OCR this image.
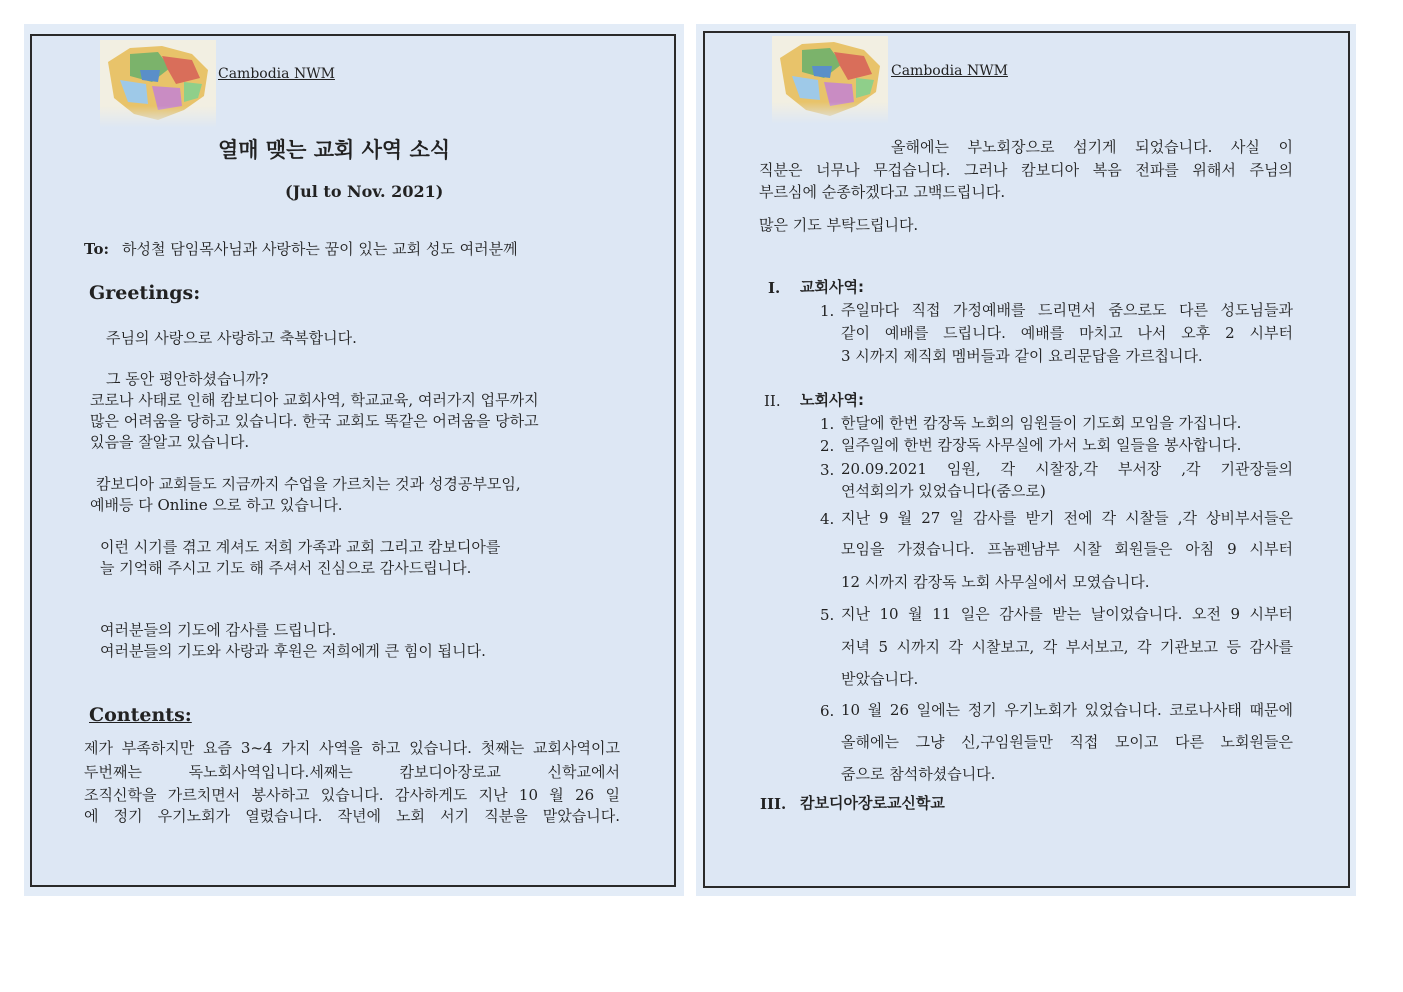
Cambodia NWM
열매 맺는 교회 사역 소식
(Jul to Nov. 2021)
To: 하성철 담임목사님과 사랑하는 꿈이 있는 교회 성도 여러분께
Greetings:
주님의 사랑으로 사랑하고 축복합니다.
그 동안 평안하셨습니까?
코로나 사태로 인해 캄보디아 교회사역, 학교교육, 여러가지 업무까지
많은 어려움을 당하고 있습니다. 한국 교회도 똑같은 어려움을 당하고
있음을 잘알고 있습니다.
캄보디아 교회들도 지금까지 수업을 가르치는 것과 성경공부모임,
예배등 다 Online 으로 하고 있습니다.
이런 시기를 겪고 계셔도 저희 가족과 교회 그리고 캄보디아를
늘 기억해 주시고 기도 해 주셔서 진심으로 감사드립니다.
여러분들의 기도에 감사를 드립니다.
여러분들의 기도와 사랑과 후원은 저희에게 큰 힘이 됩니다.
Contents:
제가 부족하지만 요즘 3~4 가지 사역을 하고 있습니다. 첫째는 교회사역이고
두번째는 독노회사역입니다.세째는 캄보디아장로교 신학교에서
조직신학을 가르치면서 봉사하고 있습니다. 감사하게도 지난 10 월 26 일
에 정기 우기노회가 열렸습니다. 작년에 노회 서기 직분을 맡았습니다.
Cambodia NWM
올해에는 부노회장으로 섬기게 되었습니다. 사실 이
직분은 너무나 무겁습니다. 그러나 캄보디아 복음 전파를 위해서 주님의
부르심에 순종하겠다고 고백드립니다.
많은 기도 부탁드립니다.
I. 교회사역:
1. 주일마다 직접 가정예배를 드리면서 줌으로도 다른 성도님들과
같이 예배를 드립니다. 예배를 마치고 나서 오후 2 시부터
3 시까지 제직회 멤버들과 같이 요리문답을 가르칩니다.
II. 노회사역:
1. 한달에 한번 캄장독 노회의 임원들이 기도회 모임을 가집니다.
2. 일주일에 한번 캄장독 사무실에 가서 노회 일들을 봉사합니다.
3. 20.09.2021 임원, 각 시찰장,각 부서장 ,각 기관장들의
연석회의가 있었습니다(줌으로)
4. 지난 9 월 27 일 감사를 받기 전에 각 시찰들 ,각 상비부서들은
모임을 가졌습니다. 프놈펜남부 시찰 회원들은 아침 9 시부터
12 시까지 캄장독 노회 사무실에서 모였습니다.
5. 지난 10 월 11 일은 감사를 받는 날이었습니다. 오전 9 시부터
저녁 5 시까지 각 시찰보고, 각 부서보고, 각 기관보고 등 감사를
받았습니다.
6. 10 월 26 일에는 정기 우기노회가 있었습니다. 코로나사태 때문에
올해에는 그냥 신,구임원들만 직접 모이고 다른 노회원들은
줌으로 참석하셨습니다.
III. 캄보디아장로교신학교
